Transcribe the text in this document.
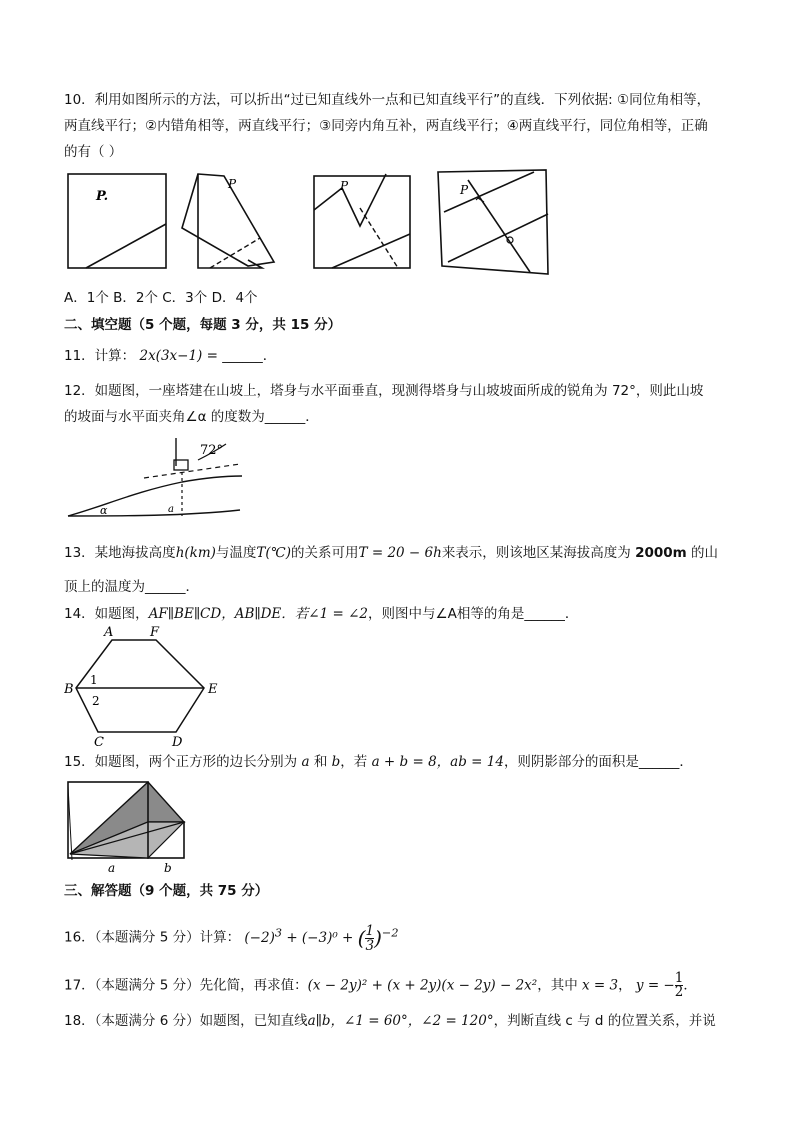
10．利用如图所示的方法，可以折出“过已知直线外一点和已知直线平行”的直线．下列依据: ①同位角相等，
两直线平行；②内错角相等，两直线平行；③同旁内角互补，两直线平行；④两直线平行，同位角相等，正确
的有（ ）
P.
P	P	P
A．1个 B．2个 C．3个 D．4个
二、填空题（5 个题，每题 3 分，共 15 分）
11．计算： 2x(3x−1) = ______．
12．如题图，一座塔建在山坡上，塔身与水平面垂直，现测得塔身与山坡坡面所成的锐角为 72°，则此山坡
的坡面与水平面夹角∠α 的度数为______．
72°
α	a
13．某地海拔高度h(km)与温度T(℃)的关系可用T = 20 − 6h来表示，则该地区某海拔高度为 2000m 的山
顶上的温度为______．
14．如题图，AF∥BE∥CD，AB∥DE．若∠1 = ∠2，则图中与∠A相等的角是______．
A	F
B	E
C	D
1
2
15．如题图，两个正方形的边长分别为 a 和 b，若 a + b = 8，ab = 14，则阴影部分的面积是______．
a	b
三、解答题（9 个题，共 75 分）
16．（本题满分 5 分）计算： $(-2)^3 + (-3)^0$ + ( $\frac{1}{3} )^{-2}$
17．（本题满分 5 分）先化简，再求值：(x − 2y)² + (x + 2y)(x − 2y) − 2x²，其中 x = 3， y = − $\frac{1}{2}$ ．
18．（本题满分 6 分）如题图，已知直线a∥b，∠1 = 60°，∠2 = 120°，判断直线 c 与 d 的位置关系，并说
